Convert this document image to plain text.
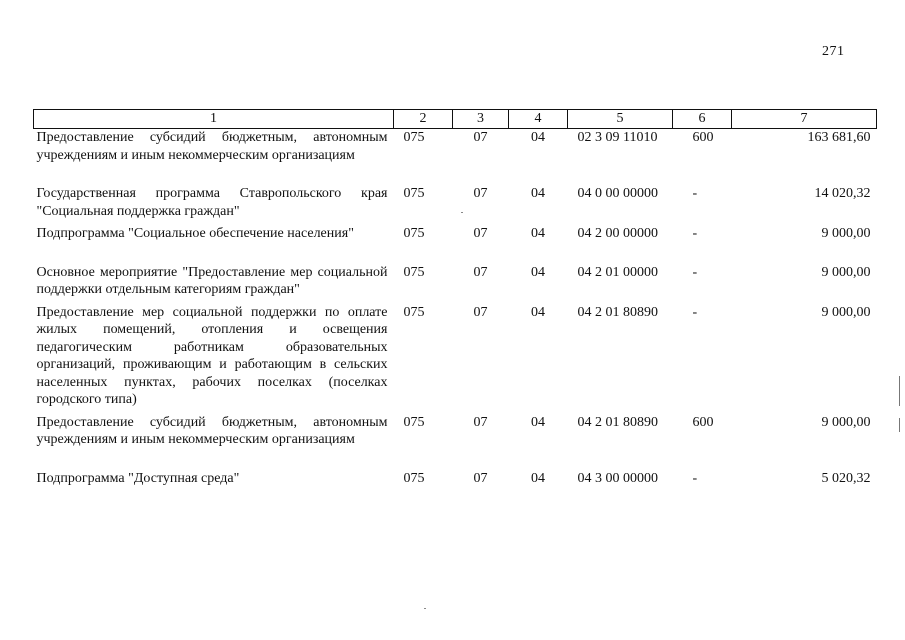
271
1	2	3	4	5	6	7
Предоставление субсидий бюджетным, автономным учреждениям и иным некоммерческим организациям	075	07	04	02 3 09 11010	600	163 681,60
Государственная программа Ставропольского края "Социальная поддержка граждан"	075	07	04	04 0 00 00000	-	14 020,32
Подпрограмма "Социальное обеспечение населения"	075	07	04	04 2 00 00000	-	9 000,00
Основное мероприятие "Предоставление мер социальной поддержки отдельным категориям граждан"	075	07	04	04 2 01 00000	-	9 000,00
Предоставление мер социальной поддержки по оплате жилых помещений, отопления и освещения педагогическим работникам образовательных организаций, проживающим и работающим в сельских населенных пунктах, рабочих поселках (поселках городского типа)	075	07	04	04 2 01 80890	-	9 000,00
Предоставление субсидий бюджетным, автономным учреждениям и иным некоммерческим организациям	075	07	04	04 2 01 80890	600	9 000,00
Подпрограмма "Доступная среда"	075	07	04	04 3 00 00000	-	5 020,32
